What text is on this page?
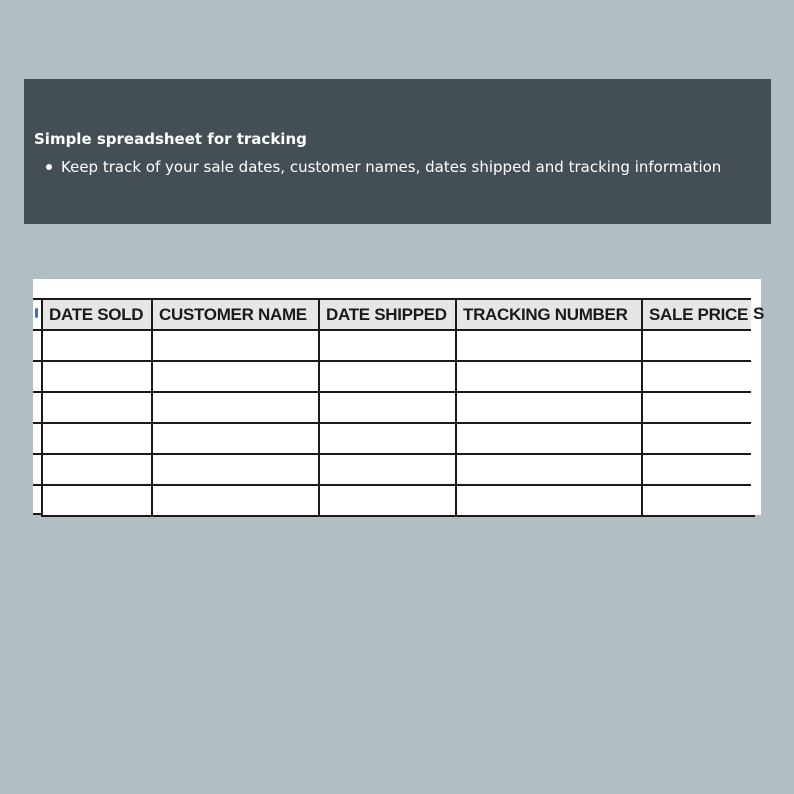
Simple spreadsheet for tracking
Keep track of your sale dates, customer names, dates shipped and tracking information
DATE SOLD	CUSTOMER NAME	DATE SHIPPED	TRACKING NUMBER	SALE PRICE

				S
